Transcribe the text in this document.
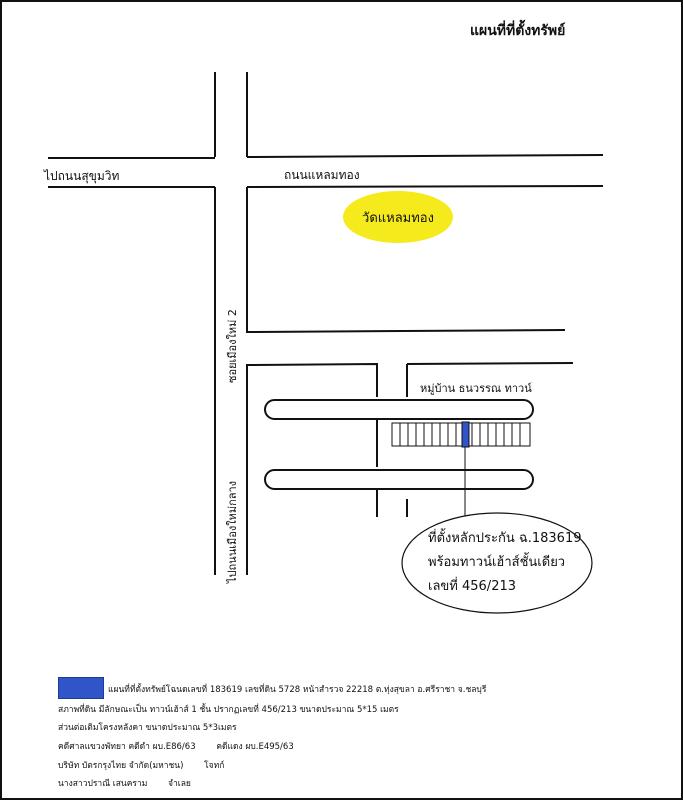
แผนที่ที่ตั้งทรัพย์
วัดแหลมทอง
ที่ตั้งหลักประกัน ฉ.183619
พร้อมทาวน์เฮ้าส์ชั้นเดียว
เลขที่ 456/213
ไปถนนสุขุมวิท	ถนนแหลมทอง
หมู่บ้าน ธนวรรณ ทาวน์
ซอยเมืองใหม่ 2
ไปถนนเมืองใหม่กลาง
แผนที่ที่ตั้งทรัพย์โฉนดเลขที่ 183619 เลขที่ดิน 5728 หน้าสำรวจ 22218 ต.ทุ่งสุขลา อ.ศรีราชา จ.ชลบุรี
สภาพที่ดิน มีลักษณะเป็น ทาวน์เฮ้าส์ 1 ชั้น ปรากฏเลขที่ 456/213 ขนาดประมาณ 5*15 เมตร
ส่วนต่อเติมโครงหลังคา ขนาดประมาณ 5*3เมตร
คดีศาลแขวงพัทยา คดีดำ ผบ.E86/63 คดีแดง ผบ.E495/63
บริษัท บัตรกรุงไทย จำกัด(มหาชน) โจทก์
นางสาวปราณี เสนคราม จำเลย
